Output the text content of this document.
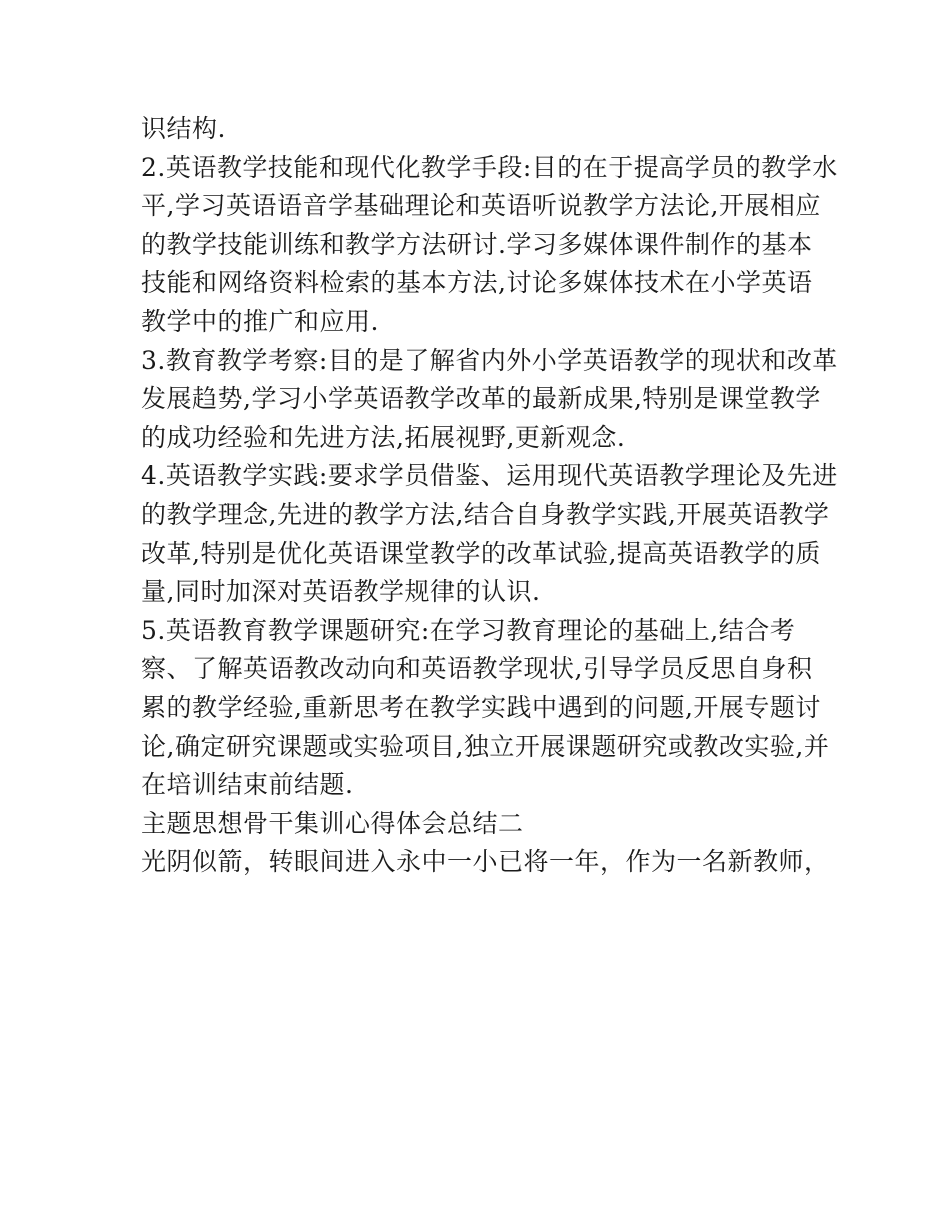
识结构.
2.英语教学技能和现代化教学手段:目的在于提高学员的教学水
平,学习英语语音学基础理论和英语听说教学方法论,开展相应
的教学技能训练和教学方法研讨.学习多媒体课件制作的基本
技能和网络资料检索的基本方法,讨论多媒体技术在小学英语
教学中的推广和应用.
3.教育教学考察:目的是了解省内外小学英语教学的现状和改革
发展趋势,学习小学英语教学改革的最新成果,特别是课堂教学
的成功经验和先进方法,拓展视野,更新观念.
4.英语教学实践:要求学员借鉴、运用现代英语教学理论及先进
的教学理念,先进的教学方法,结合自身教学实践,开展英语教学
改革,特别是优化英语课堂教学的改革试验,提高英语教学的质
量,同时加深对英语教学规律的认识.
5.英语教育教学课题研究:在学习教育理论的基础上,结合考
察、了解英语教改动向和英语教学现状,引导学员反思自身积
累的教学经验,重新思考在教学实践中遇到的问题,开展专题讨
论,确定研究课题或实验项目,独立开展课题研究或教改实验,并
在培训结束前结题.
主题思想骨干集训心得体会总结二
光阴似箭，转眼间进入永中一小已将一年，作为一名新教师，
